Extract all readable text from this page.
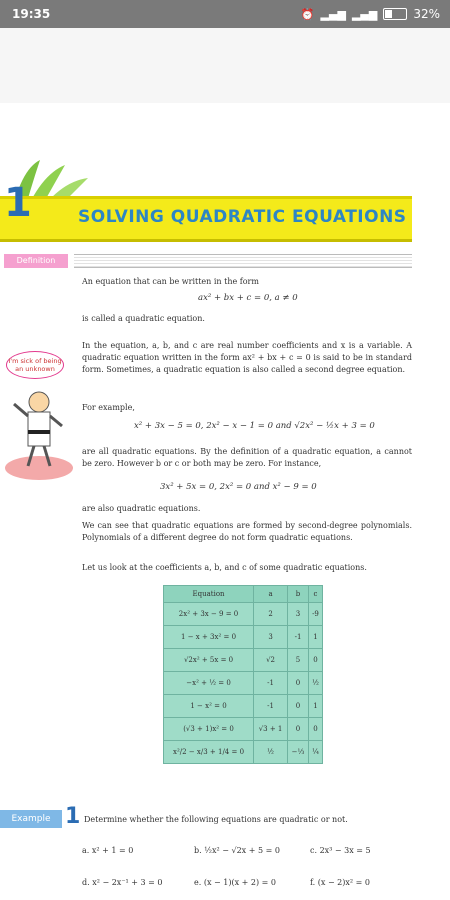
19:35	⏰ ▂▄▆ ▂▄▆	32%
SOLVING QUADRATIC EQUATIONS
1
Definition
An equation that can be written in the form
ax² + bx + c = 0, a ≠ 0
is called a quadratic equation.
I'm sick of being an unknown
In the equation, a, b, and c are real number coefficients and x is a variable. A quadratic equation written in the form ax² + bx + c = 0 is said to be in standard form. Sometimes, a quadratic equation is also called a second degree equation.
For example,
x² + 3x − 5 = 0, 2x² − x − 1 = 0 and √2x² − ½x + 3 = 0
are all quadratic equations. By the definition of a quadratic equation, a cannot be zero. However b or c or both may be zero. For instance,
3x² + 5x = 0, 2x² = 0 and x² − 9 = 0
are also quadratic equations.
We can see that quadratic equations are formed by second-degree polynomials. Polynomials of a different degree do not form quadratic equations.
Let us look at the coefficients a, b, and c of some quadratic equations.
Equation	a	b	c
2x² + 3x − 9 = 0	2	3	-9
1 − x + 3x² = 0	3	-1	1
√2x² + 5x = 0	√2	5	0
−x² + ½ = 0	-1	0	½
1 − x² = 0	-1	0	1
(√3 + 1)x² = 0	√3 + 1	0	0
x²/2 − x/3 + 1/4 = 0	½	−⅓	¼
Example 1 Determine whether the following equations are quadratic or not.
a. x² + 1 = 0	b. ½x² − √2x + 5 = 0	c. 2x³ − 3x = 5
d. x² − 2x⁻¹ + 3 = 0	e. (x − 1)(x + 2) = 0	f. (x − 2)x² = 0
